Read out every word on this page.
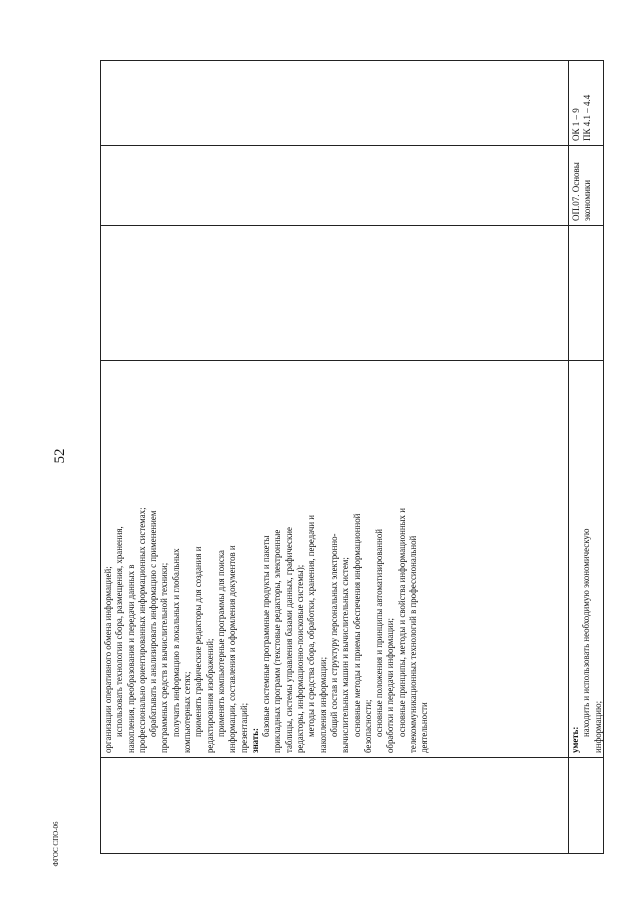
52
ФГОС СПО-06
организации оперативного обмена информацией; использовать технологии сбора, размещения, хранения, накопления, преобразования и передачи данных в профессионально ориентированных информационных системах; обрабатывать и анализировать информацию с применением программных средств и вычислительной техники; получать информацию в локальных и глобальных компьютерных сетях; применять графические редакторы для создания и редактирования изображений; применять компьютерные программы для поиска информации, составления и оформления документов и презентаций; знать:
базовые системные программные продукты и пакеты прикладных программ (текстовые редакторы, электронные таблицы, системы управления базами данных, графические редакторы, информационно-поисковые системы); методы и средства сбора, обработки, хранения, передачи и накопления информации; общий состав и структуру персональных электронно- вычислительных машин и вычислительных систем; основные методы и приемы обеспечения информационной безопасности; основные положения и принципы автоматизированной обработки и передачи информации; основные принципы, методы и свойства информационных и телекоммуникационных технологий в профессиональной деятельности	уметь:
находить и использовать необходимую экономическую информацию;
ОП.07. Основы экономики
ОК 1 – 9 ПК 4.1 – 4.4
